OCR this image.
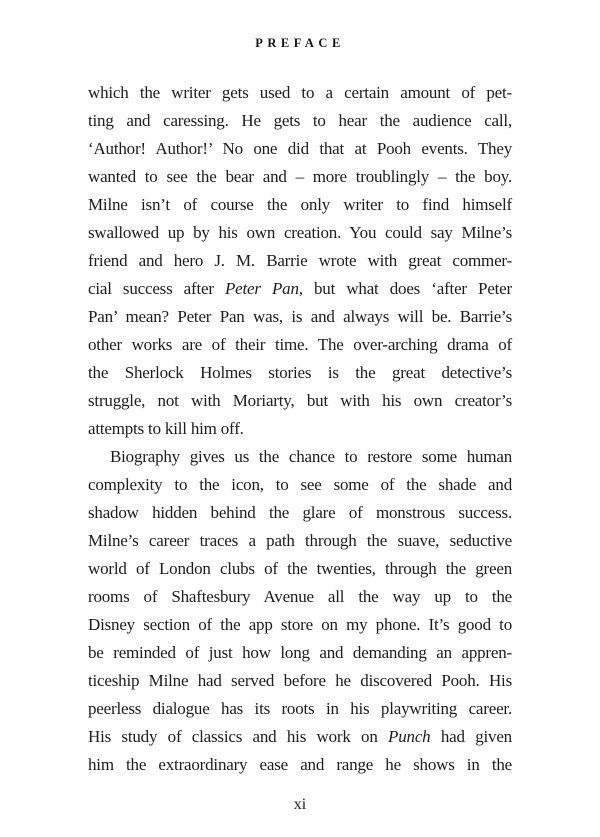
PREFACE
which the writer gets used to a certain amount of pet-
ting and caressing. He gets to hear the audience call,
‘Author! Author!’ No one did that at Pooh events. They
wanted to see the bear and – more troublingly – the boy.
Milne isn’t of course the only writer to find himself
swallowed up by his own creation. You could say Milne’s
friend and hero J. M. Barrie wrote with great commer-
cial success after Peter Pan, but what does ‘after Peter
Pan’ mean? Peter Pan was, is and always will be. Barrie’s
other works are of their time. The over-arching drama of
the Sherlock Holmes stories is the great detective’s
struggle, not with Moriarty, but with his own creator’s
attempts to kill him off.
Biography gives us the chance to restore some human
complexity to the icon, to see some of the shade and
shadow hidden behind the glare of monstrous success.
Milne’s career traces a path through the suave, seductive
world of London clubs of the twenties, through the green
rooms of Shaftesbury Avenue all the way up to the
Disney section of the app store on my phone. It’s good to
be reminded of just how long and demanding an appren-
ticeship Milne had served before he discovered Pooh. His
peerless dialogue has its roots in his playwriting career.
His study of classics and his work on Punch had given
him the extraordinary ease and range he shows in the
xi
